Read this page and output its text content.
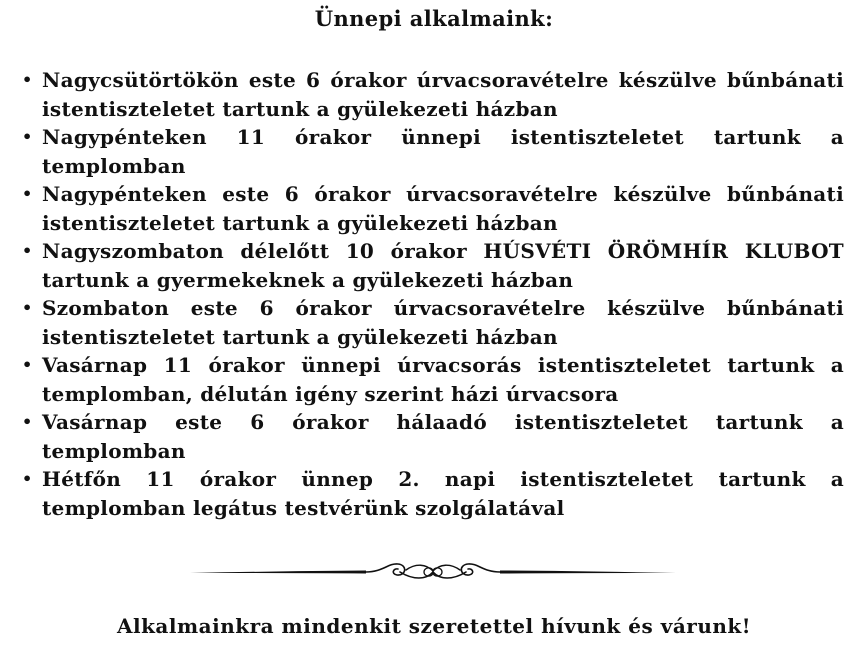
Ünnepi alkalmaink:
• Nagycsütörtökön este 6 órakor úrvacsoravételre készülve bűnbánati istentiszteletet tartunk a gyülekezeti házban
• Nagypénteken 11 órakor ünnepi istentiszteletet tartunk a templomban
• Nagypénteken este 6 órakor úrvacsoravételre készülve bűnbánati istentiszteletet tartunk a gyülekezeti házban
• Nagyszombaton délelőtt 10 órakor HÚSVÉTI ÖRÖMHÍR KLUBOT tartunk a gyermekeknek a gyülekezeti házban
• Szombaton este 6 órakor úrvacsoravételre készülve bűnbánati istentiszteletet tartunk a gyülekezeti házban
• Vasárnap 11 órakor ünnepi úrvacsorás istentiszteletet tartunk a templomban, délután igény szerint házi úrvacsora
• Vasárnap este 6 órakor hálaadó istentiszteletet tartunk a templomban
• Hétfőn 11 órakor ünnep 2. napi istentiszteletet tartunk a templomban legátus testvérünk szolgálatával
Alkalmainkra mindenkit szeretettel hívunk és várunk!
